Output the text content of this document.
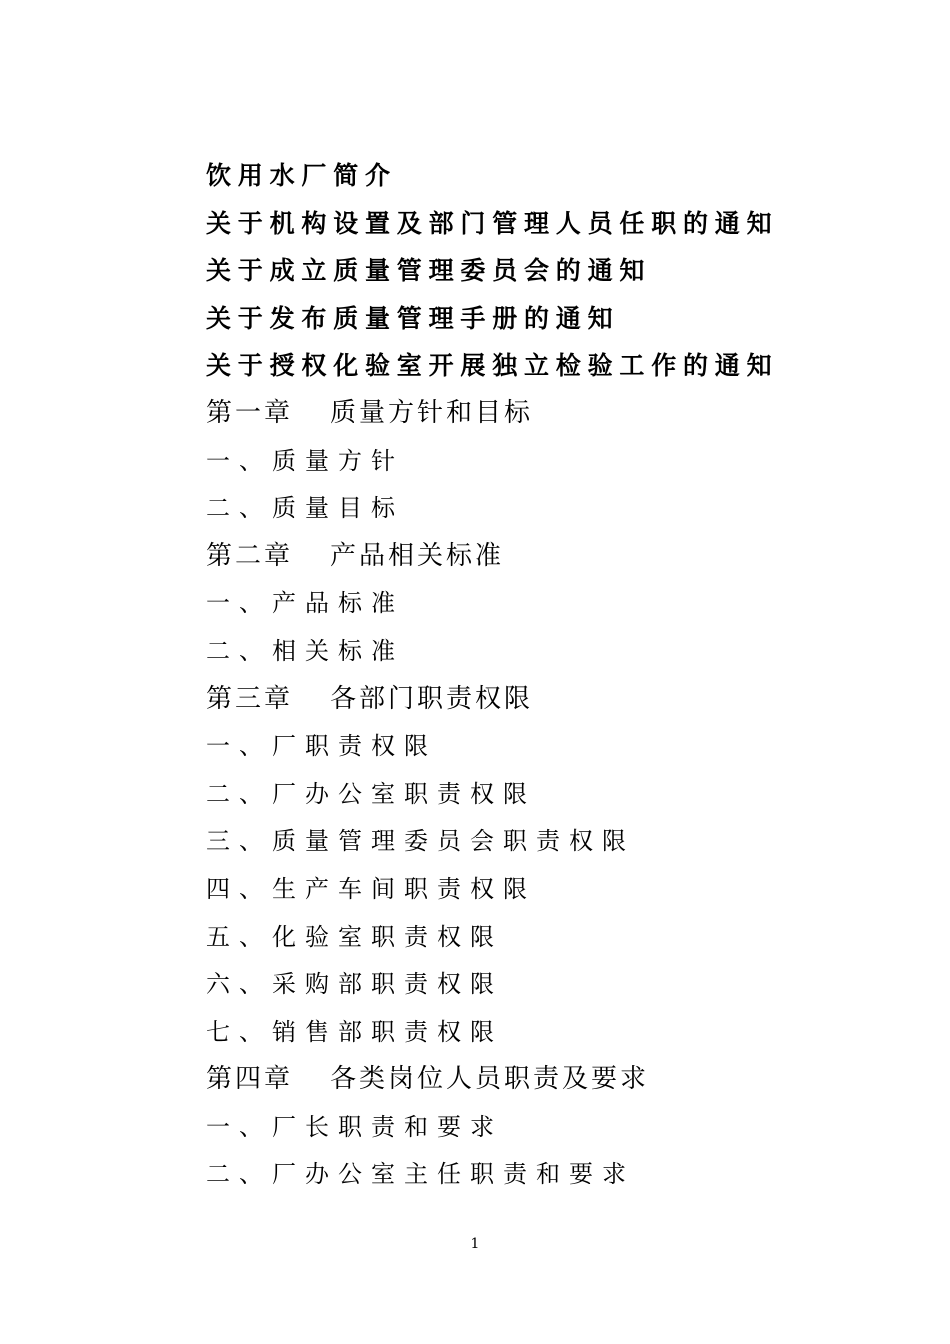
饮用水厂简介
关于机构设置及部门管理人员任职的通知
关于成立质量管理委员会的通知
关于发布质量管理手册的通知
关于授权化验室开展独立检验工作的通知
第一章 质量方针和目标
一、质量方针
二、质量目标
第二章 产品相关标准
一、产品标准
二、相关标准
第三章 各部门职责权限
一、厂职责权限
二、厂办公室职责权限
三、质量管理委员会职责权限
四、生产车间职责权限
五、化验室职责权限
六、采购部职责权限
七、销售部职责权限
第四章 各类岗位人员职责及要求
一、厂长职责和要求
二、厂办公室主任职责和要求
1
